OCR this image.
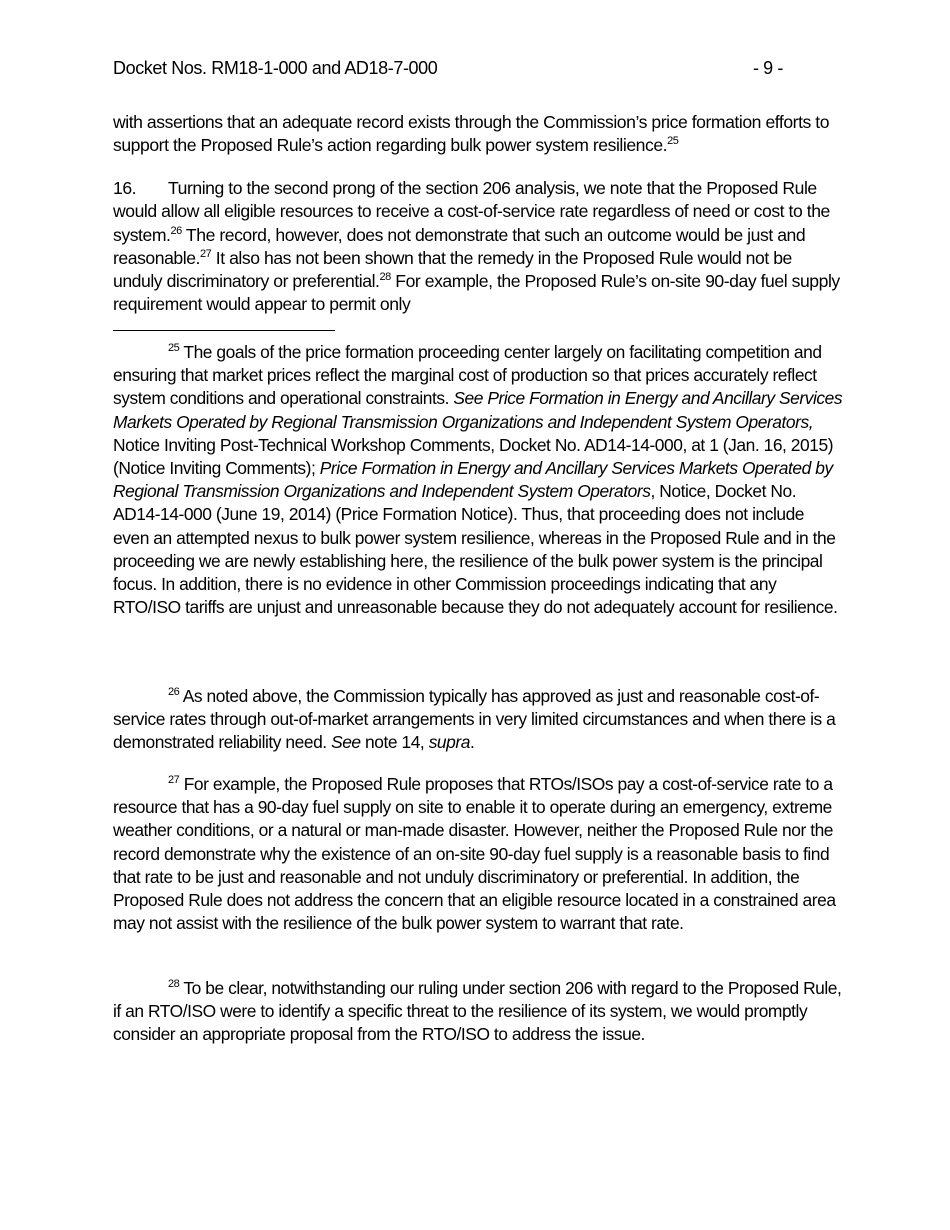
Docket Nos. RM18-1-000 and AD18-7-000	- 9 -
with assertions that an adequate record exists through the Commission’s price formation efforts to support the Proposed Rule’s action regarding bulk power system resilience.$^{25}$
16. Turning to the second prong of the section 206 analysis, we note that the Proposed Rule would allow all eligible resources to receive a cost-of-service rate regardless of need or cost to the system.$^{26}$ The record, however, does not demonstrate that such an outcome would be just and reasonable.$^{27}$ It also has not been shown that the remedy in the Proposed Rule would not be unduly discriminatory or preferential.$^{28}$ For example, the Proposed Rule’s on-site 90-day fuel supply requirement would appear to permit only
$^{25}$ The goals of the price formation proceeding center largely on facilitating competition and ensuring that market prices reflect the marginal cost of production so that prices accurately reflect system conditions and operational constraints. See Price Formation in Energy and Ancillary Services Markets Operated by Regional Transmission Organizations and Independent System Operators, Notice Inviting Post-Technical Workshop Comments, Docket No. AD14-14-000, at 1 (Jan. 16, 2015) (Notice Inviting Comments); Price Formation in Energy and Ancillary Services Markets Operated by Regional Transmission Organizations and Independent System Operators, Notice, Docket No. AD14-14-000 (June 19, 2014) (Price Formation Notice). Thus, that proceeding does not include even an attempted nexus to bulk power system resilience, whereas in the Proposed Rule and in the proceeding we are newly establishing here, the resilience of the bulk power system is the principal focus. In addition, there is no evidence in other Commission proceedings indicating that any RTO/ISO tariffs are unjust and unreasonable because they do not adequately account for resilience.
$^{26}$ As noted above, the Commission typically has approved as just and reasonable cost-of-service rates through out-of-market arrangements in very limited circumstances and when there is a demonstrated reliability need. See note 14, supra.
$^{27}$ For example, the Proposed Rule proposes that RTOs/ISOs pay a cost-of-service rate to a resource that has a 90-day fuel supply on site to enable it to operate during an emergency, extreme weather conditions, or a natural or man-made disaster. However, neither the Proposed Rule nor the record demonstrate why the existence of an on-site 90-day fuel supply is a reasonable basis to find that rate to be just and reasonable and not unduly discriminatory or preferential. In addition, the Proposed Rule does not address the concern that an eligible resource located in a constrained area may not assist with the resilience of the bulk power system to warrant that rate.
$^{28}$ To be clear, notwithstanding our ruling under section 206 with regard to the Proposed Rule, if an RTO/ISO were to identify a specific threat to the resilience of its system, we would promptly consider an appropriate proposal from the RTO/ISO to address the issue.
